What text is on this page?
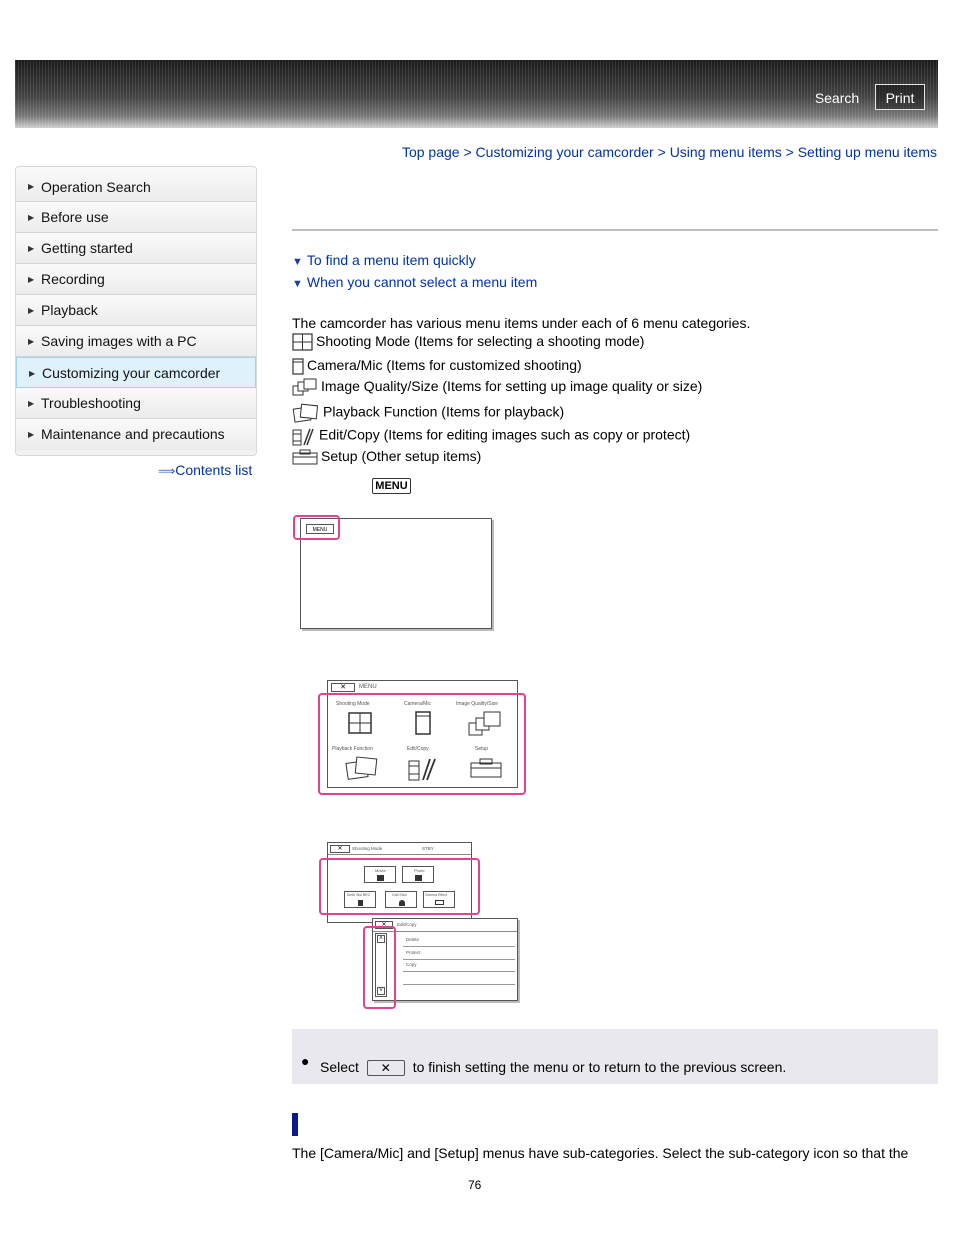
Search	Print
Top page > Customizing your camcorder > Using menu items > Setting up menu items
▶ Operation Search
▶ Before use
▶ Getting started
▶ Recording
▶ Playback
▶ Saving images with a PC
▶ Customizing your camcorder
▶ Troubleshooting
▶ Maintenance and precautions
⟹Contents list
▼ To find a menu item quickly
▼ When you cannot select a menu item
The camcorder has various menu items under each of 6 menu categories.
Shooting Mode (Items for selecting a shooting mode)
Camera/Mic (Items for customized shooting)
Image Quality/Size (Items for setting up image quality or size)
Playback Function (Items for playback)
Edit/Copy (Items for editing images such as copy or protect)
Setup (Other setup items)
MENU
MENU
✕	MENU
Shooting Mode	Camera/Mic	Image Quality/Size
Playback Function	Edit/Copy	Setup
✕	Shooting Mode	STBY
Movie	Photo
Smth Slw REC	Golf Shot	Cinema Effect
✕	Edit/Copy
Delete
Protect
Copy
˄
˅
● Select ✕ to finish setting the menu or to return to the previous screen.
The [Camera/Mic] and [Setup] menus have sub-categories. Select the sub-category icon so that the
76
